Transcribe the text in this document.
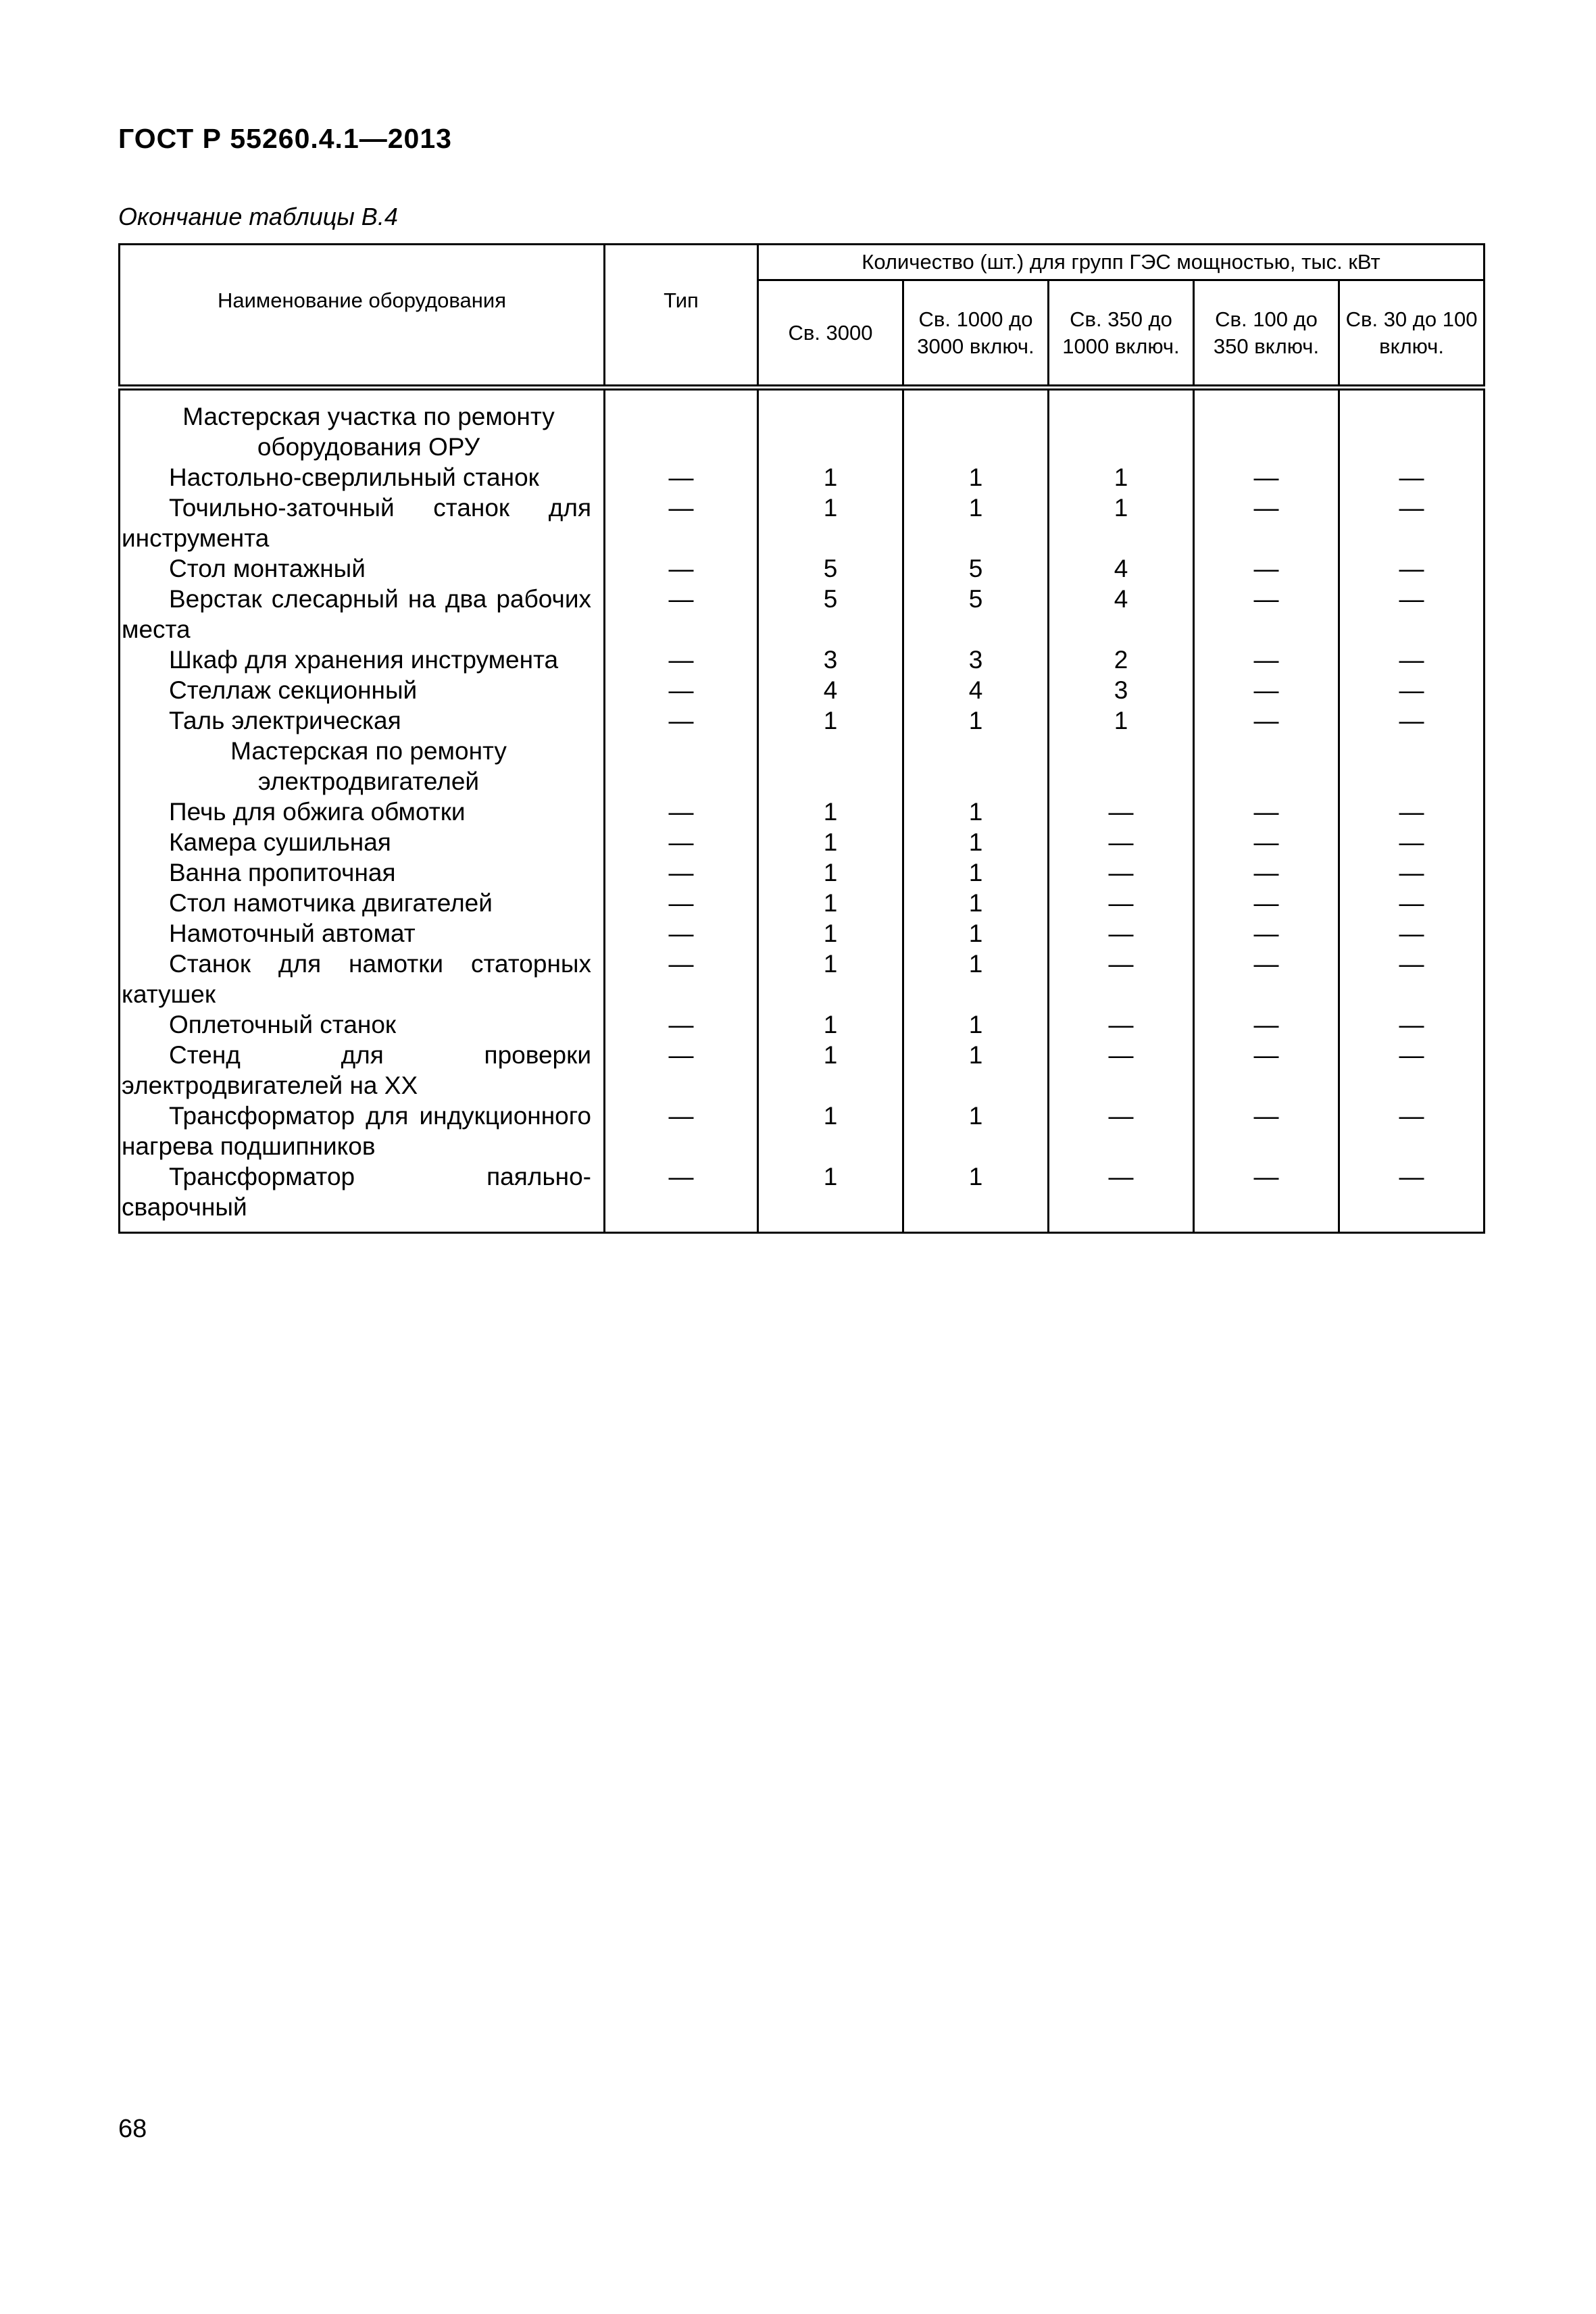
ГОСТ Р 55260.4.1—2013
Окончание таблицы В.4
Наименование оборудования	Тип	Количество (шт.) для групп ГЭС мощностью, тыс. кВт				
		Св. 3000	Св. 1000 до 3000 включ.	Св. 350 до 1000 включ.	Св. 100 до 350 включ.	Св. 30 до 100 включ.
Мастерская участка по ремонту оборудования ОРУ						
Настольно-сверлильный станок	—	1	1	1	—	—
Точильно-заточный станок для инструмента	—	1	1	1	—	—
Стол монтажный	—	5	5	4	—	—
Верстак слесарный на два рабочих места	—	5	5	4	—	—
Шкаф для хранения инструмента	—	3	3	2	—	—
Стеллаж секционный	—	4	4	3	—	—
Таль электрическая	—	1	1	1	—	—
Мастерская по ремонту электродвигателей						
Печь для обжига обмотки	—	1	1	—	—	—
Камера сушильная	—	1	1	—	—	—
Ванна пропиточная	—	1	1	—	—	—
Стол намотчика двигателей	—	1	1	—	—	—
Намоточный автомат	—	1	1	—	—	—
Станок для намотки статорных катушек	—	1	1	—	—	—
Оплеточный станок	—	1	1	—	—	—
Стенд для проверки электродвигателей на XX	—	1	1	—	—	—
Трансформатор для индукционного нагрева подшипников	—	1	1	—	—	—
Трансформатор паяльно-сварочный	—	1	1	—	—	—
68
